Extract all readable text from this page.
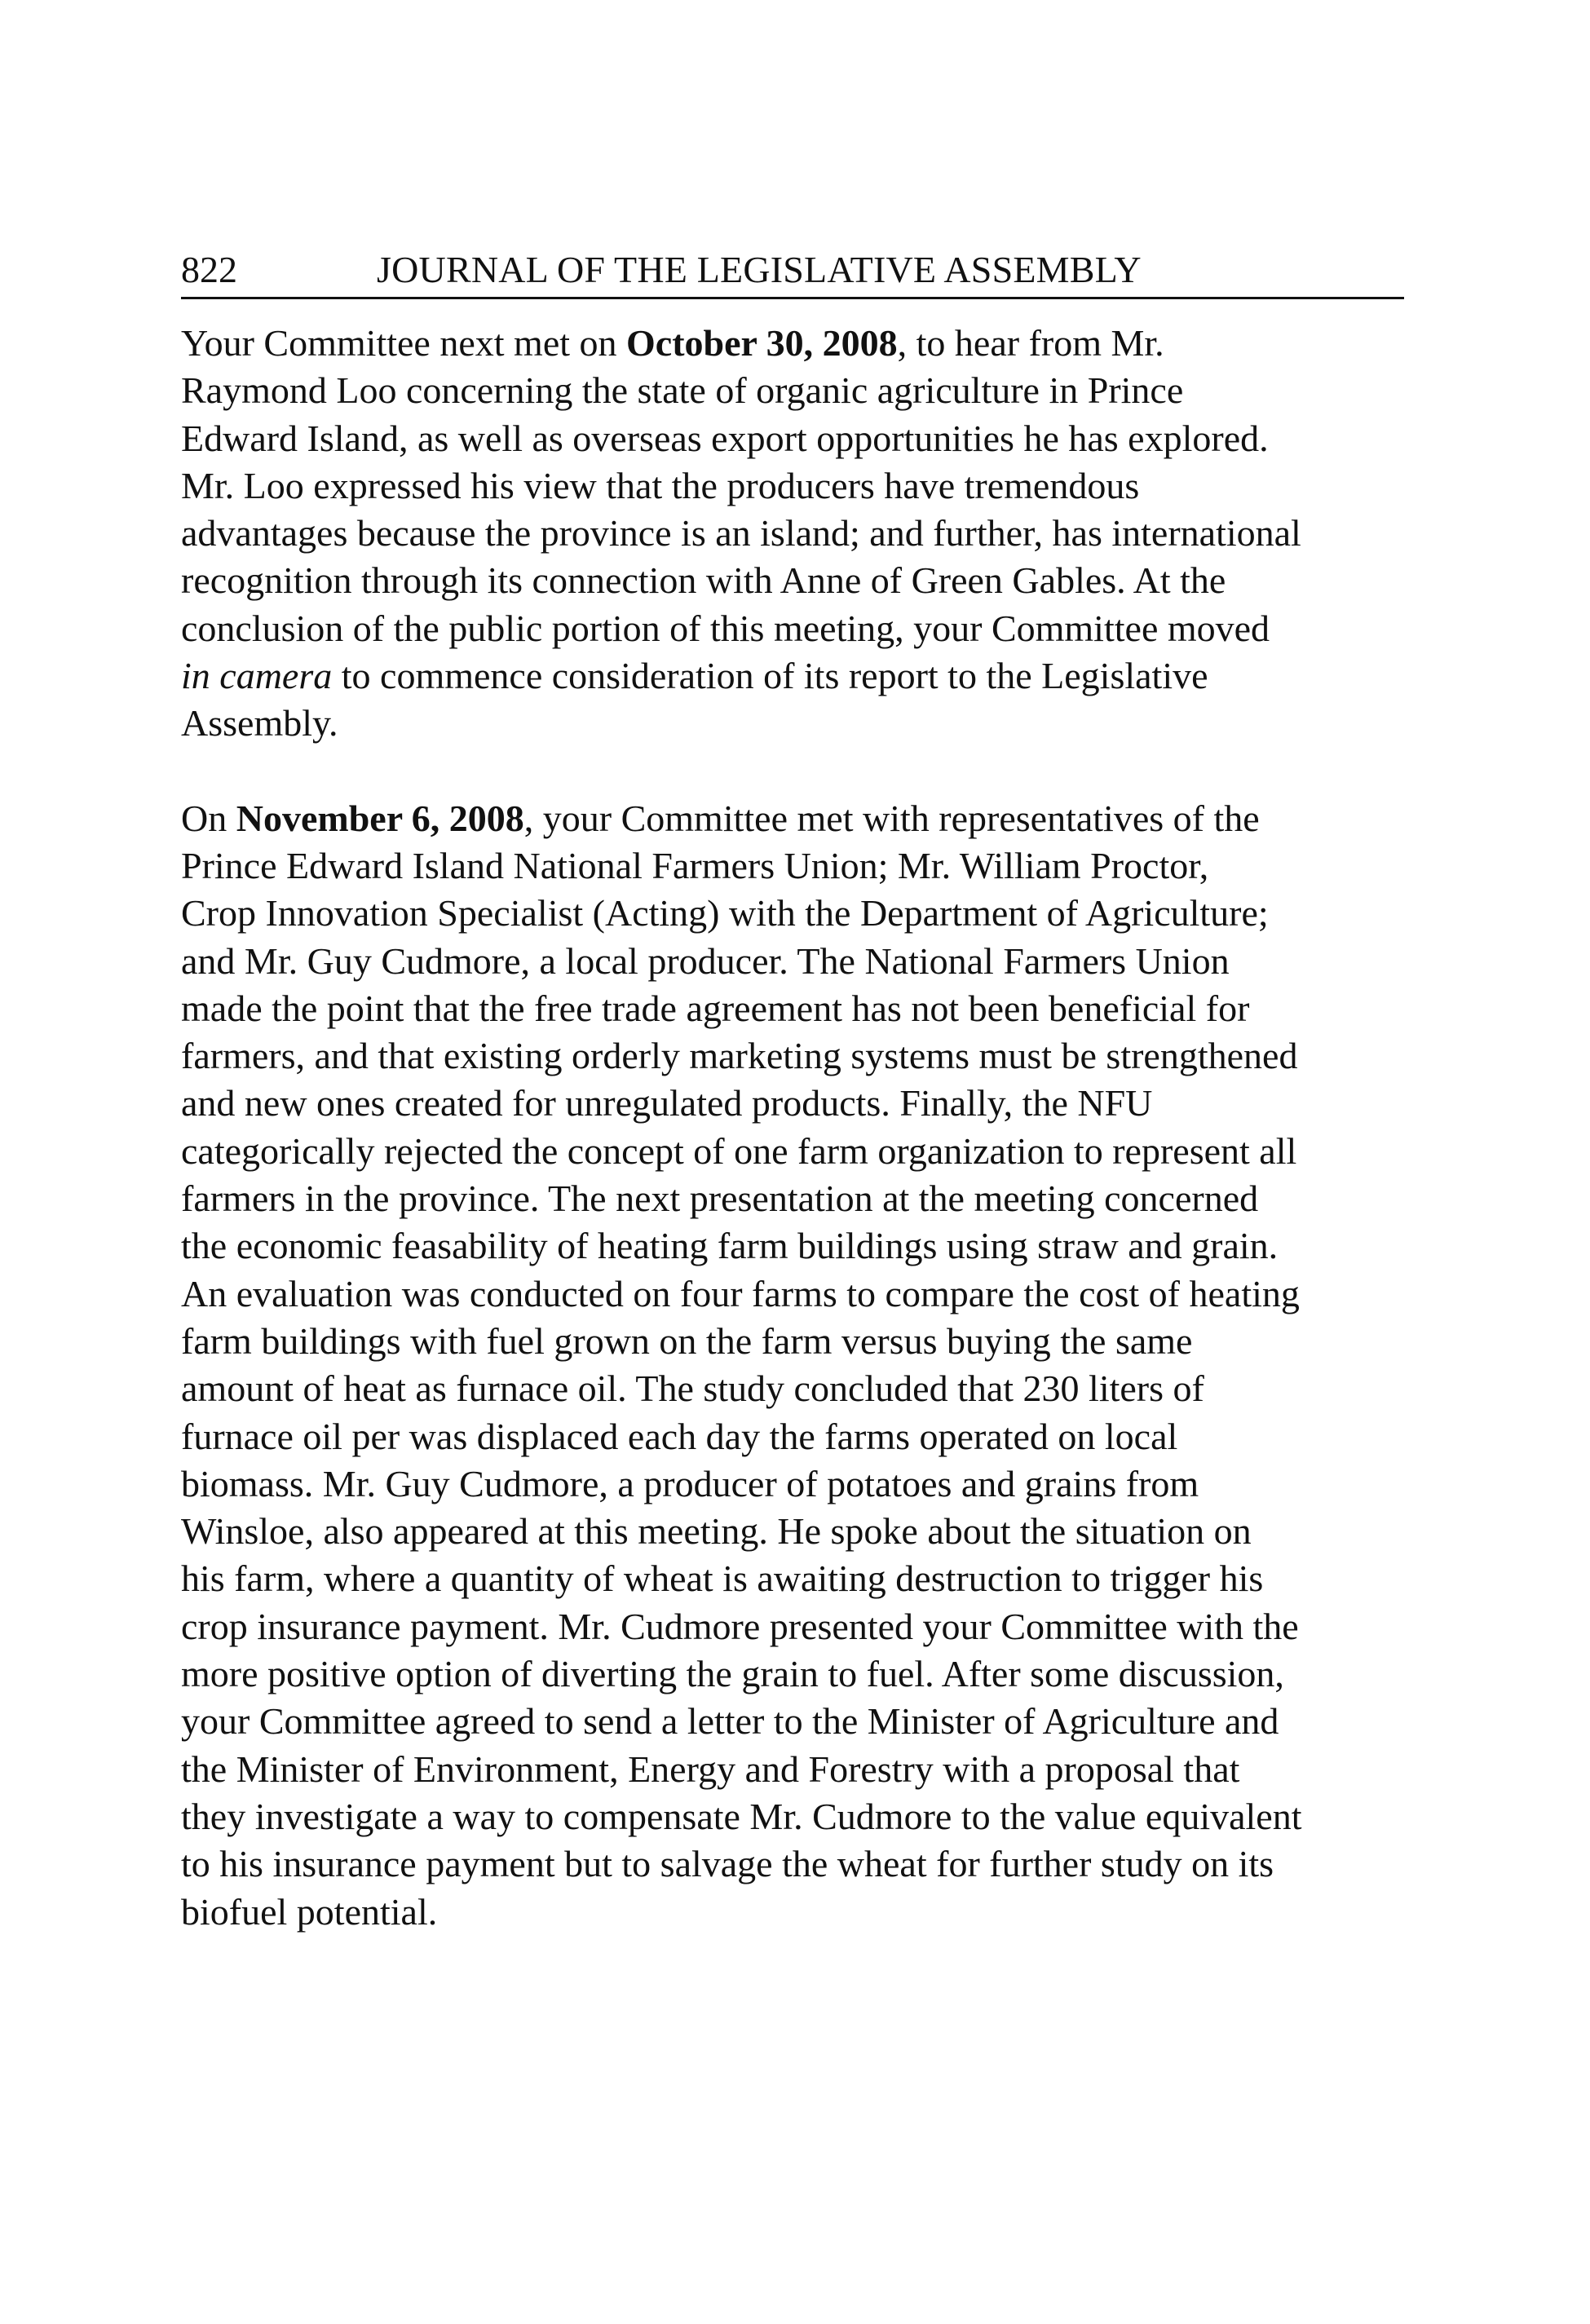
822	JOURNAL OF THE LEGISLATIVE ASSEMBLY

Your Committee next met on October 30, 2008, to hear from Mr.
Raymond Loo concerning the state of organic agriculture in Prince
Edward Island, as well as overseas export opportunities he has explored.
Mr. Loo expressed his view that the producers have tremendous
advantages because the province is an island; and further, has international
recognition through its connection with Anne of Green Gables. At the
conclusion of the public portion of this meeting, your Committee moved
in camera to commence consideration of its report to the Legislative
Assembly.

On November 6, 2008, your Committee met with representatives of the
Prince Edward Island National Farmers Union; Mr. William Proctor,
Crop Innovation Specialist (Acting) with the Department of Agriculture;
and Mr. Guy Cudmore, a local producer. The National Farmers Union
made the point that the free trade agreement has not been beneficial for
farmers, and that existing orderly marketing systems must be strengthened
and new ones created for unregulated products. Finally, the NFU
categorically rejected the concept of one farm organization to represent all
farmers in the province. The next presentation at the meeting concerned
the economic feasability of heating farm buildings using straw and grain.
An evaluation was conducted on four farms to compare the cost of heating
farm buildings with fuel grown on the farm versus buying the same
amount of heat as furnace oil. The study concluded that 230 liters of
furnace oil per was displaced each day the farms operated on local
biomass. Mr. Guy Cudmore, a producer of potatoes and grains from
Winsloe, also appeared at this meeting. He spoke about the situation on
his farm, where a quantity of wheat is awaiting destruction to trigger his
crop insurance payment. Mr. Cudmore presented your Committee with the
more positive option of diverting the grain to fuel. After some discussion,
your Committee agreed to send a letter to the Minister of Agriculture and
the Minister of Environment, Energy and Forestry with a proposal that
they investigate a way to compensate Mr. Cudmore to the value equivalent
to his insurance payment but to salvage the wheat for further study on its
biofuel potential.
